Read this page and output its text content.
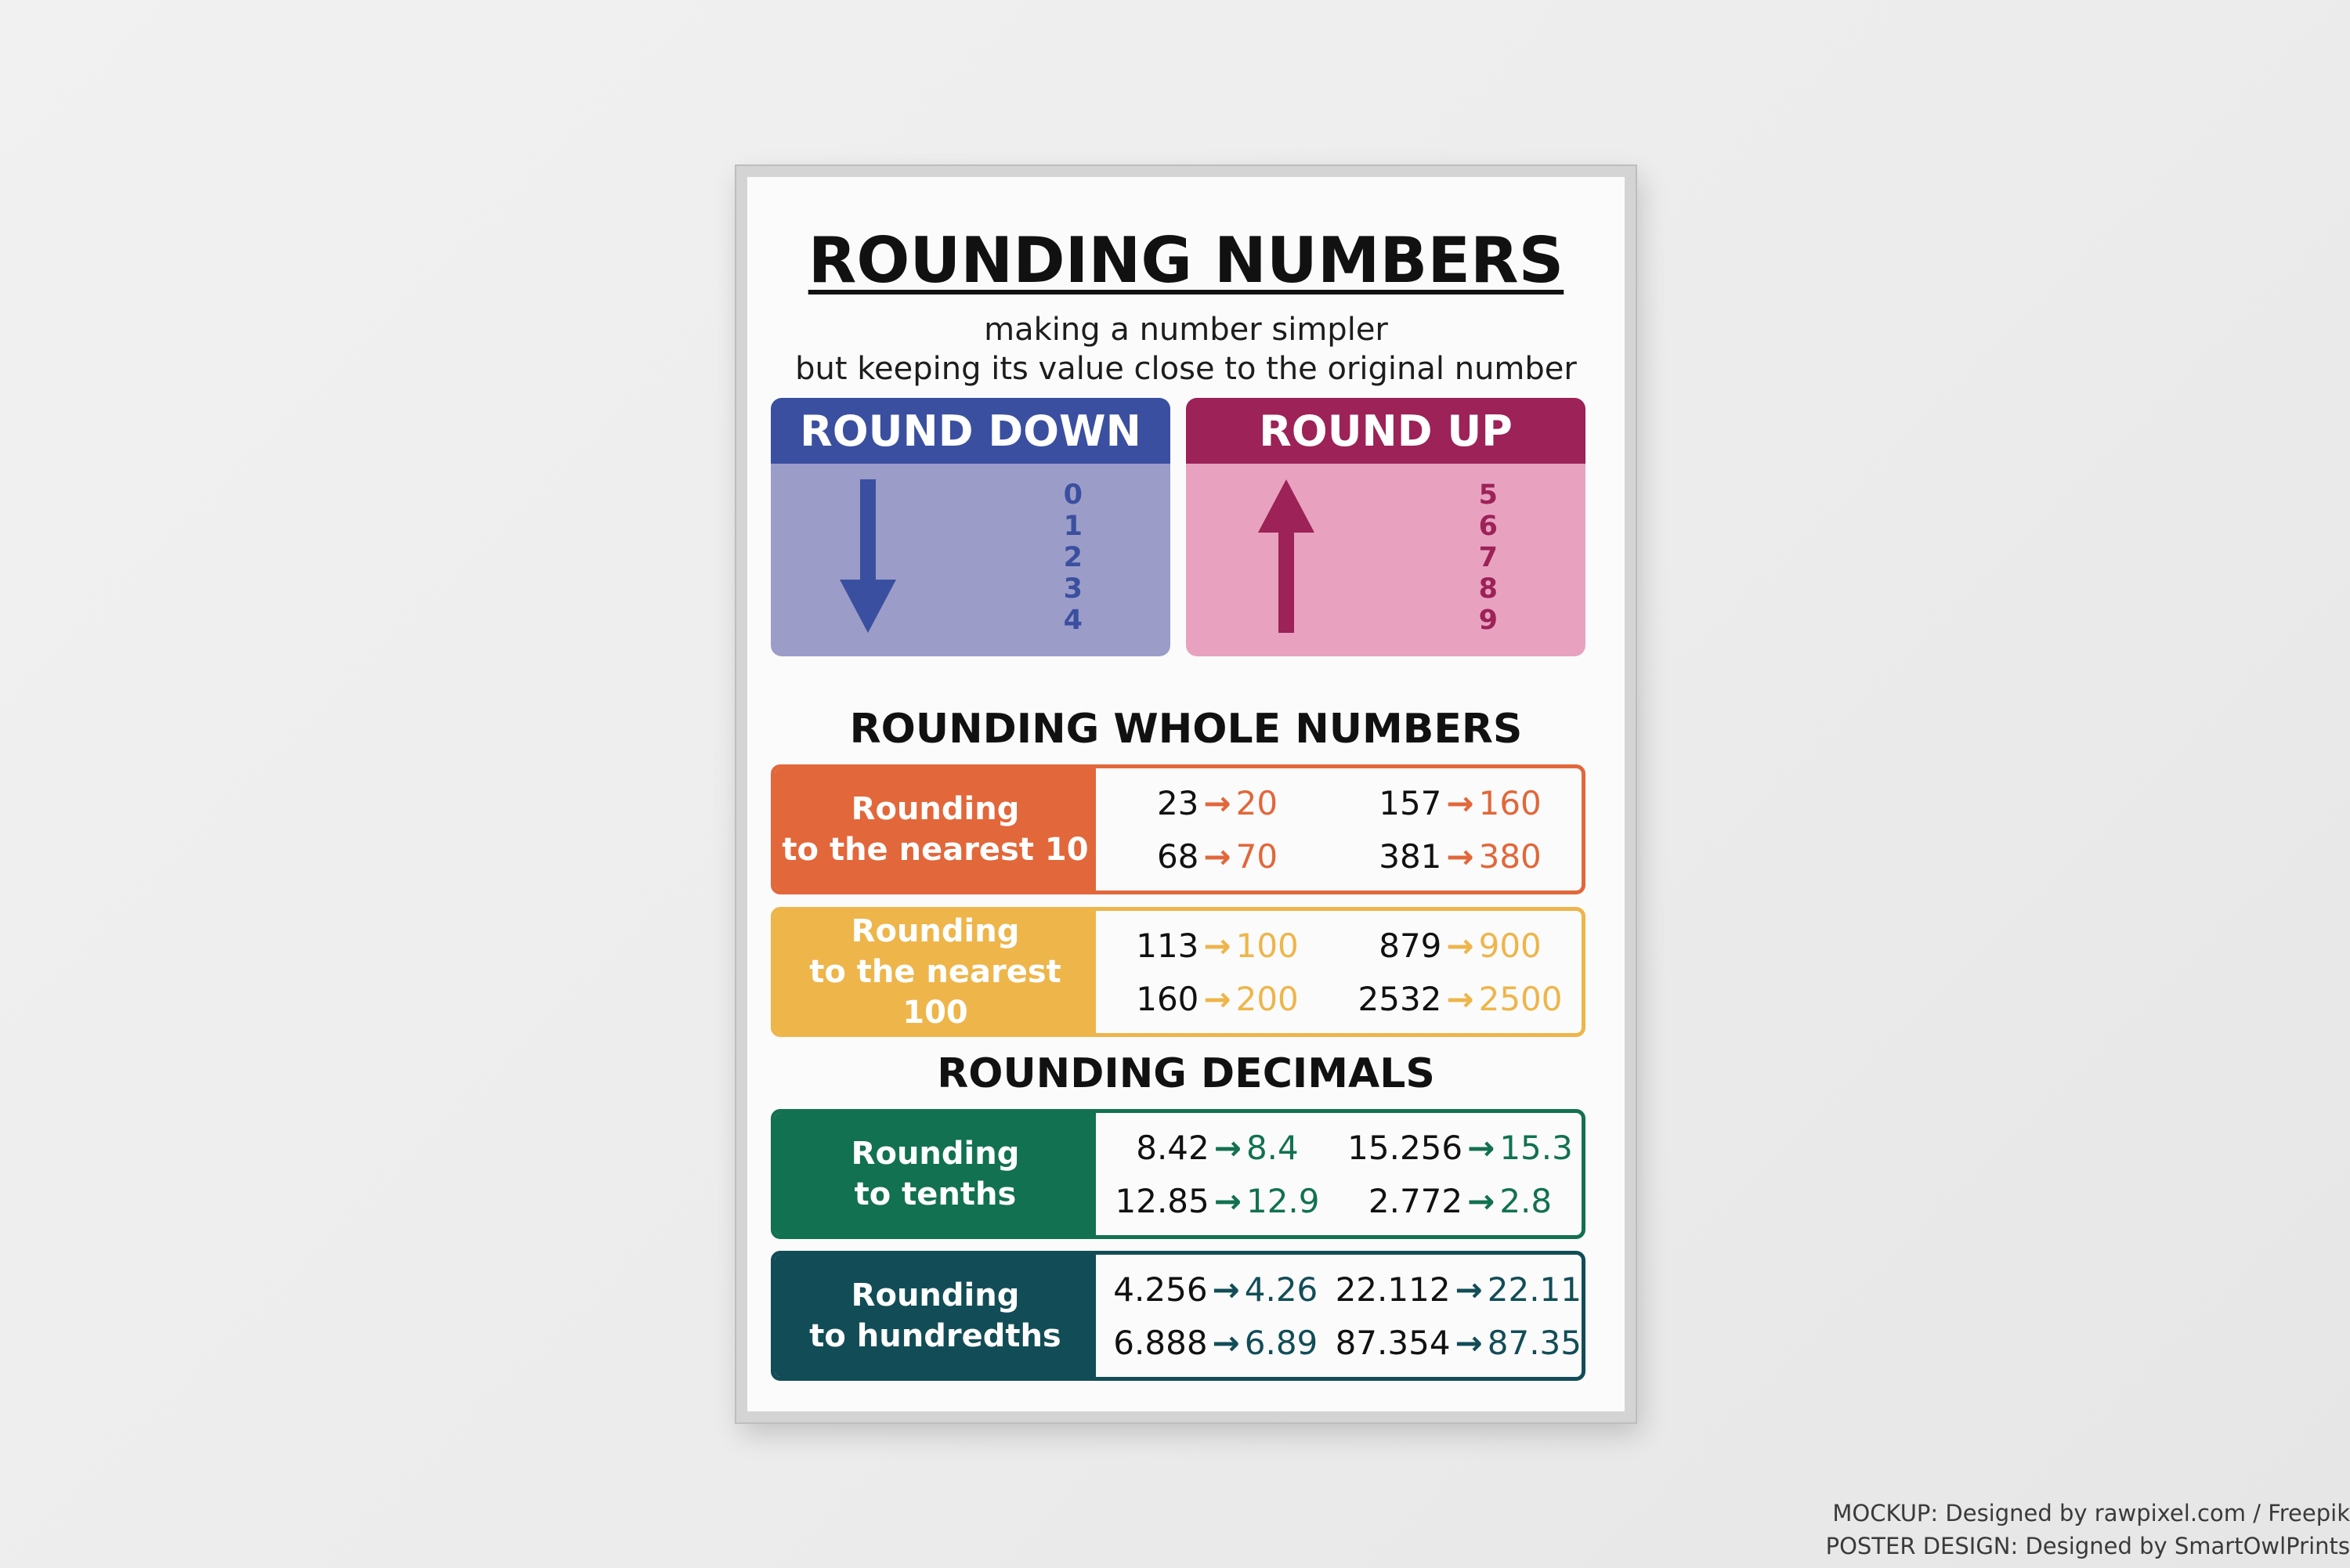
ROUNDING NUMBERS
making a number simpler
but keeping its value close to the original number
ROUND DOWN
0
1
2
3
4
ROUND UP
5
6
7
8
9
ROUNDING WHOLE NUMBERS
Rounding
to the nearest 10
23 → 20	157 → 160
68 → 70	381 → 380
Rounding
to the nearest 100
113 → 100 879 → 900
160 → 200 2532 → 2500
ROUNDING DECIMALS
Rounding
to tenths
8.42 → 8.4 15.256 → 15.3
12.85 → 12.9 2.772 → 2.8
Rounding
to hundredths
4.256 → 4.26 22.112 → 22.11
6.888 → 6.89 87.354 → 87.35
MOCKUP: Designed by rawpixel.com / Freepik
POSTER DESIGN: Designed by SmartOwlPrints
